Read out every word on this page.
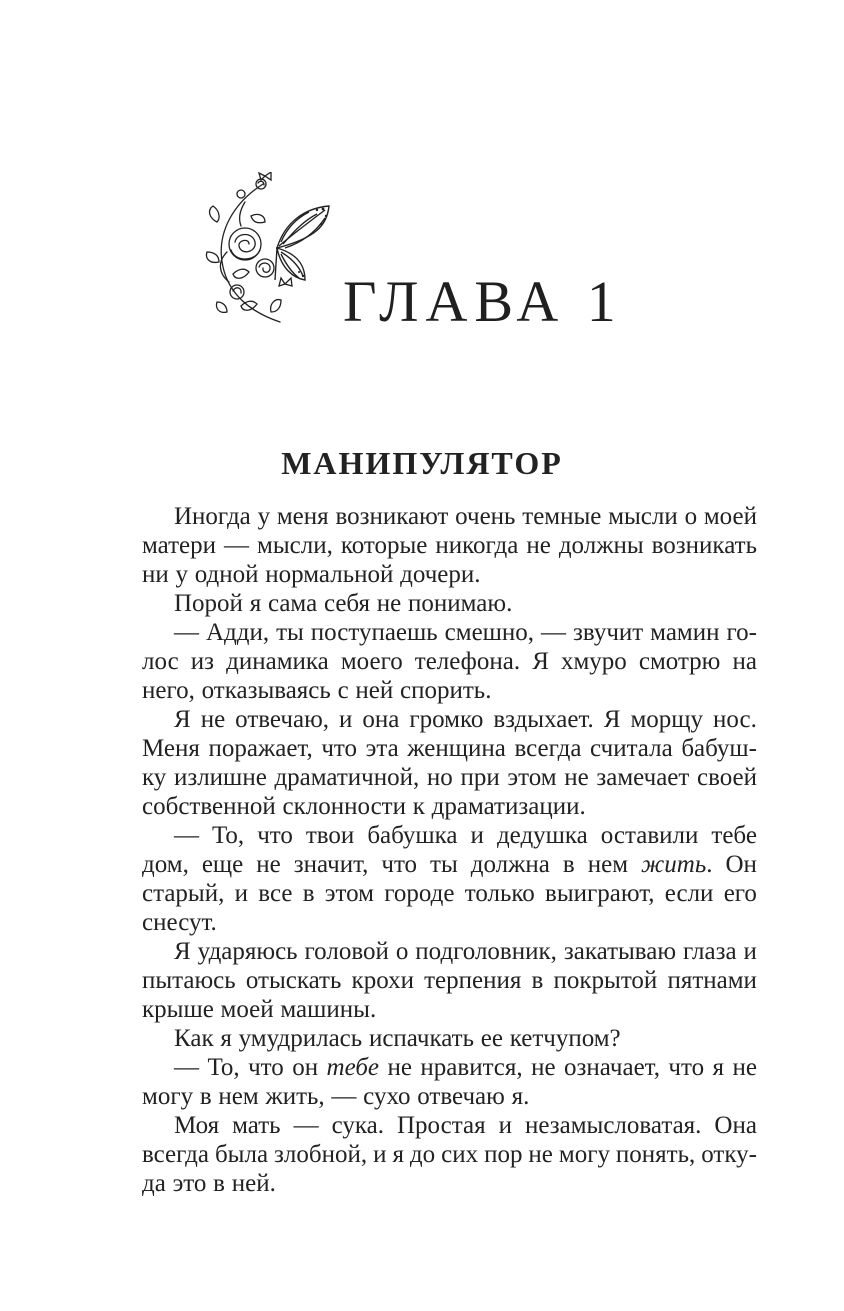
ГЛАВА 1
МАНИПУЛЯТОР
Иногда у меня возникают очень темные мысли о моей
матери — мысли, которые никогда не должны возникать
ни у одной нормальной дочери.
Порой я сама себя не понимаю.
— Адди, ты поступаешь смешно, — звучит мамин го-
лос из динамика моего телефона. Я хмуро смотрю на
него, отказываясь с ней спорить.
Я не отвечаю, и она громко вздыхает. Я морщу нос.
Меня поражает, что эта женщина всегда считала бабуш-
ку излишне драматичной, но при этом не замечает своей
собственной склонности к драматизации.
— То, что твои бабушка и дедушка оставили тебе
дом, еще не значит, что ты должна в нем жить. Он
старый, и все в этом городе только выиграют, если его
снесут.
Я ударяюсь головой о подголовник, закатываю глаза и
пытаюсь отыскать крохи терпения в покрытой пятнами
крыше моей машины.
Как я умудрилась испачкать ее кетчупом?
— То, что он тебе не нравится, не означает, что я не
могу в нем жить, — сухо отвечаю я.
Моя мать — сука. Простая и незамысловатая. Она
всегда была злобной, и я до сих пор не могу понять, отку-
да это в ней.
